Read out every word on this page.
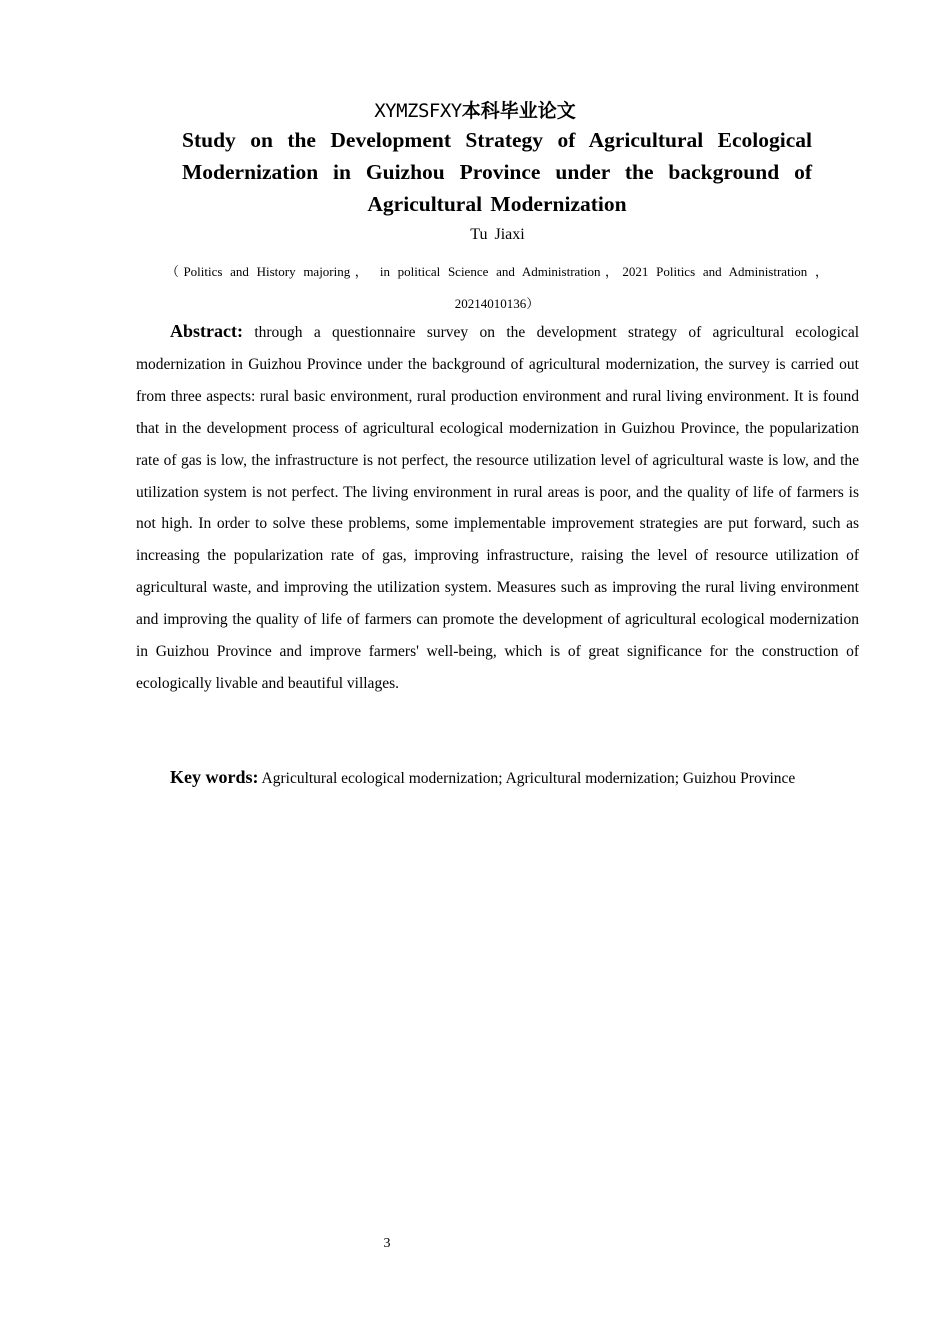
XYMZSFXY本科毕业论文
Study on the Development Strategy of Agricultural Ecological Modernization in Guizhou Province under the background of Agricultural Modernization
Tu Jiaxi
（Politics and History majoring， in political Science and Administration，2021 Politics and Administration ，20214010136）
Abstract: through a questionnaire survey on the development strategy of agricultural ecological modernization in Guizhou Province under the background of agricultural modernization, the survey is carried out from three aspects: rural basic environment, rural production environment and rural living environment. It is found that in the development process of agricultural ecological modernization in Guizhou Province, the popularization rate of gas is low, the infrastructure is not perfect, the resource utilization level of agricultural waste is low, and the utilization system is not perfect. The living environment in rural areas is poor, and the quality of life of farmers is not high. In order to solve these problems, some implementable improvement strategies are put forward, such as increasing the popularization rate of gas, improving infrastructure, raising the level of resource utilization of agricultural waste, and improving the utilization system. Measures such as improving the rural living environment and improving the quality of life of farmers can promote the development of agricultural ecological modernization in Guizhou Province and improve farmers' well-being, which is of great significance for the construction of ecologically livable and beautiful villages.
Key words: Agricultural ecological modernization; Agricultural modernization; Guizhou Province
3
